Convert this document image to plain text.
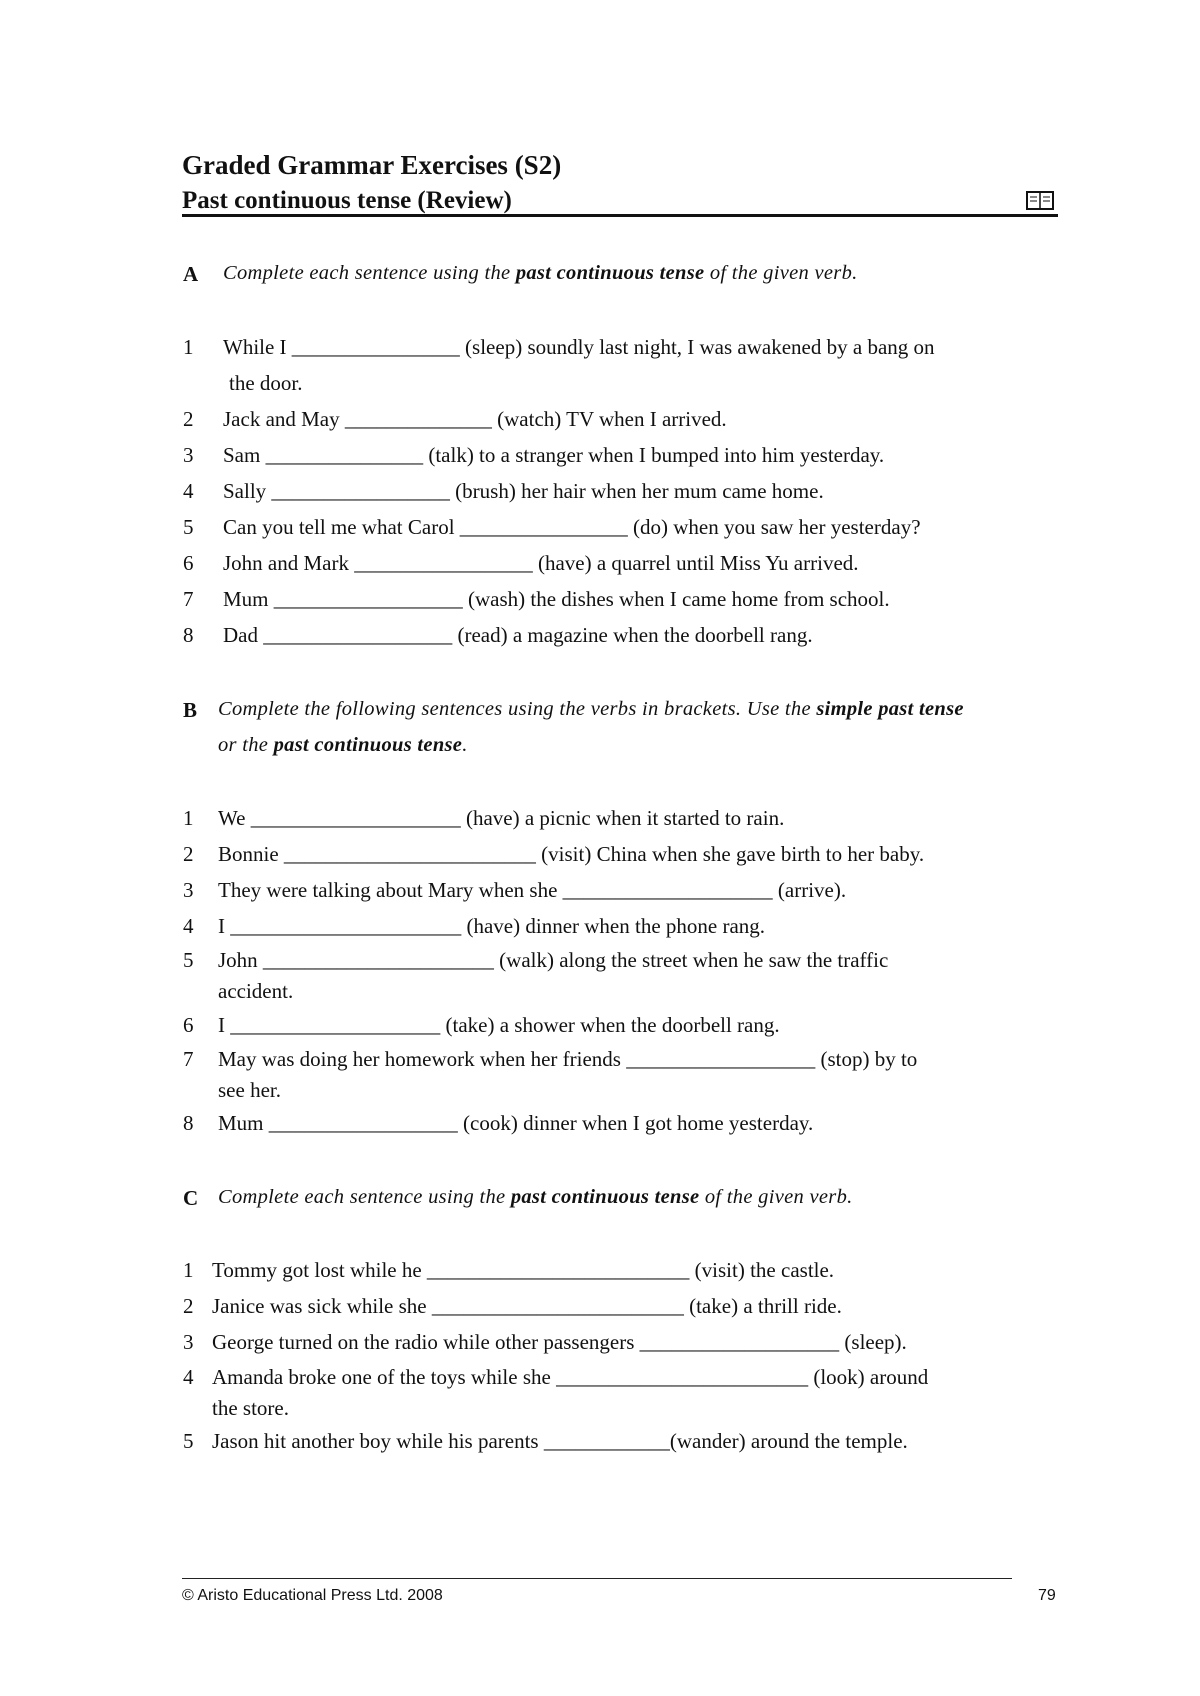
Graded Grammar Exercises (S2)
Past continuous tense (Review)
A Complete each sentence using the past continuous tense of the given verb.
1 While I ________________ (sleep) soundly last night, I was awakened by a bang on
the door.
2 Jack and May ______________ (watch) TV when I arrived.
3 Sam _______________ (talk) to a stranger when I bumped into him yesterday.
4 Sally _________________ (brush) her hair when her mum came home.
5 Can you tell me what Carol ________________ (do) when you saw her yesterday?
6 John and Mark _________________ (have) a quarrel until Miss Yu arrived.
7 Mum __________________ (wash) the dishes when I came home from school.
8 Dad __________________ (read) a magazine when the doorbell rang.
B Complete the following sentences using the verbs in brackets. Use the simple past tense
or the past continuous tense.
1 We ____________________ (have) a picnic when it started to rain.
2 Bonnie ________________________ (visit) China when she gave birth to her baby.
3 They were talking about Mary when she ____________________ (arrive).
4 I ______________________ (have) dinner when the phone rang.
5 John ______________________ (walk) along the street when he saw the traffic
accident.
6 I ____________________ (take) a shower when the doorbell rang.
7 May was doing her homework when her friends __________________ (stop) by to
see her.
8 Mum __________________ (cook) dinner when I got home yesterday.
C Complete each sentence using the past continuous tense of the given verb.
1 Tommy got lost while he _________________________ (visit) the castle.
2 Janice was sick while she ________________________ (take) a thrill ride.
3 George turned on the radio while other passengers ___________________ (sleep).
4 Amanda broke one of the toys while she ________________________ (look) around
the store.
5 Jason hit another boy while his parents ____________(wander) around the temple.
© Aristo Educational Press Ltd. 2008	79
